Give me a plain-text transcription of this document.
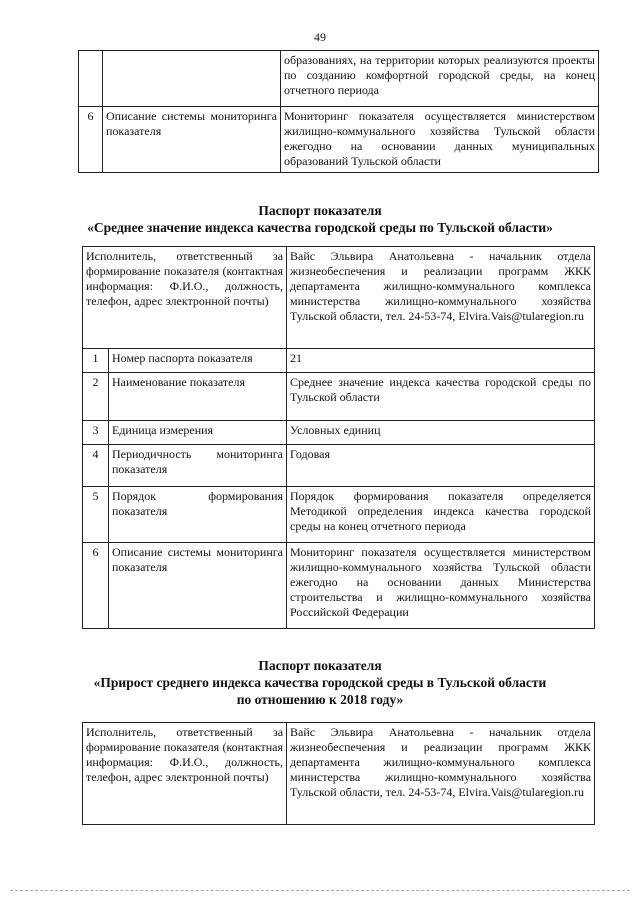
49
		образованиях, на территории которых реализуются проекты по созданию комфортной городской среды, на конец отчетного периода
6	Описание системы мониторинга показателя	Мониторинг показателя осуществляется министерством жилищно-коммунального хозяйства Тульской области ежегодно на основании данных муниципальных образований Тульской области
Паспорт показателя
«Среднее значение индекса качества городской среды по Тульской области»
Исполнитель, ответственный за формирование показателя (контактная информация: Ф.И.О., должность, телефон, адрес электронной почты)		Вайс Эльвира Анатольевна - начальник отдела жизнеобеспечения и реализации программ ЖКК департамента жилищно-коммунального комплекса министерства жилищно-коммунального хозяйства Тульской области, тел. 24-53-74, Elvira.Vais@tularegion.ru
1	Номер паспорта показателя	21
2	Наименование показателя	Среднее значение индекса качества городской среды по Тульской области
3	Единица измерения	Условных единиц
4	Периодичность мониторинга показателя	Годовая
5	Порядок формирования показателя	Порядок формирования показателя определяется Методикой определения индекса качества городской среды на конец отчетного периода
6	Описание системы мониторинга показателя	Мониторинг показателя осуществляется министерством жилищно-коммунального хозяйства Тульской области ежегодно на основании данных Министерства строительства и жилищно-коммунального хозяйства Российской Федерации
Паспорт показателя
«Прирост среднего индекса качества городской среды в Тульской области
по отношению к 2018 году»
Исполнитель, ответственный за формирование показателя (контактная информация: Ф.И.О., должность, телефон, адрес электронной почты)	Вайс Эльвира Анатольевна - начальник отдела жизнеобеспечения и реализации программ ЖКК департамента жилищно-коммунального комплекса министерства жилищно-коммунального хозяйства Тульской области, тел. 24-53-74, Elvira.Vais@tularegion.ru
